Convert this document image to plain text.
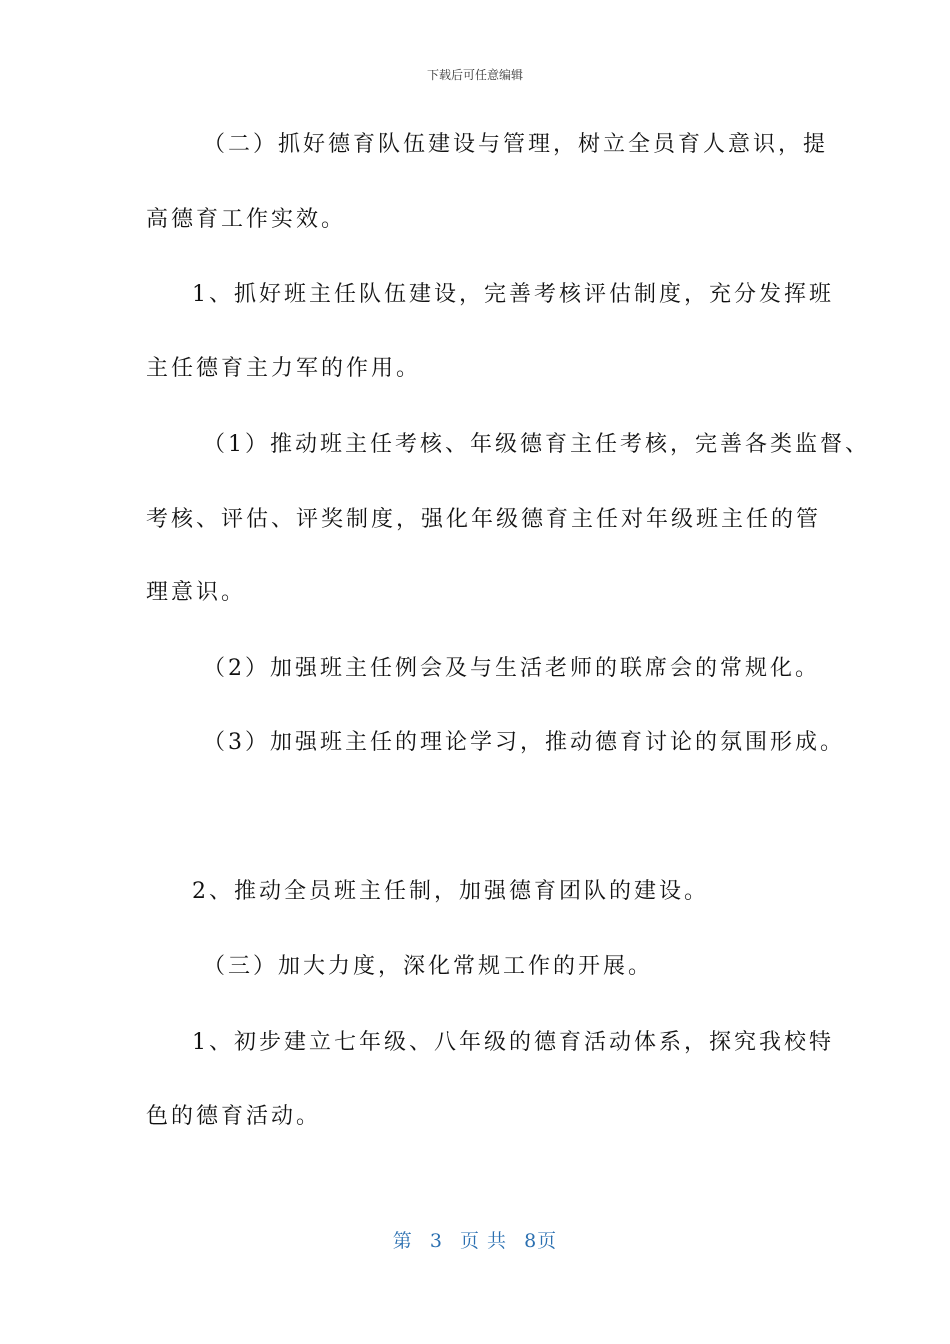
下载后可任意编辑
（二）抓好德育队伍建设与管理，树立全员育人意识，提
高德育工作实效。
1、抓好班主任队伍建设，完善考核评估制度，充分发挥班
主任德育主力军的作用。
（1）推动班主任考核、年级德育主任考核，完善各类监督、
考核、评估、评奖制度，强化年级德育主任对年级班主任的管
理意识。
（2）加强班主任例会及与生活老师的联席会的常规化。
（3）加强班主任的理论学习，推动德育讨论的氛围形成。
2、推动全员班主任制，加强德育团队的建设。
（三）加大力度，深化常规工作的开展。
1、初步建立七年级、八年级的德育活动体系，探究我校特
色的德育活动。
第 3 页 共 8页
